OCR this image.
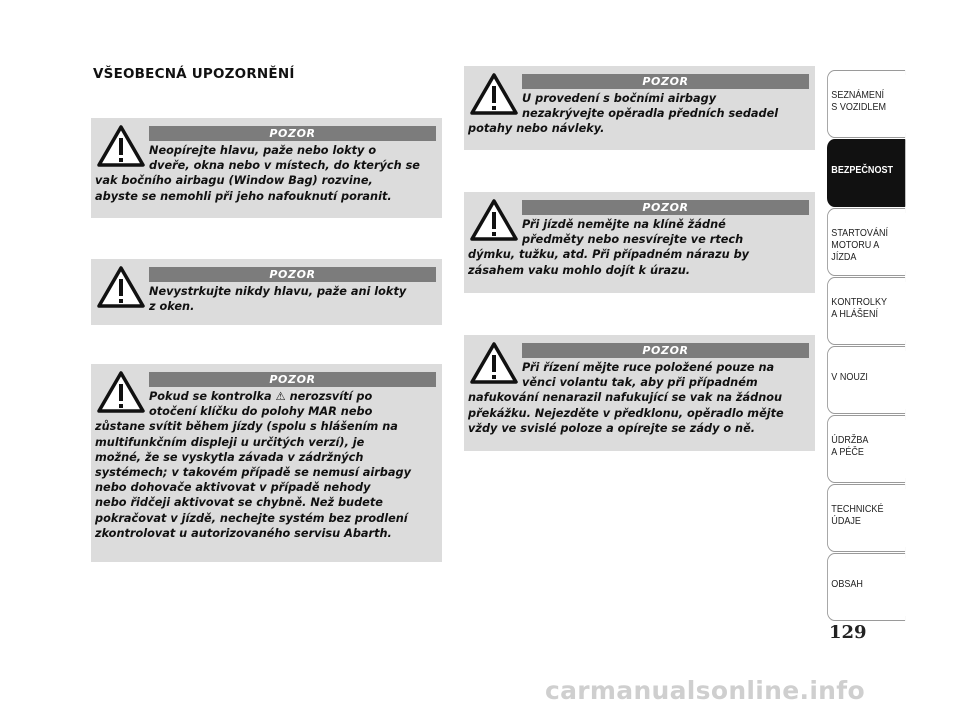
VŠEOBECNÁ UPOZORNĚNÍ
POZOR
Neopírejte hlavu, paže nebo lokty o
dveře, okna nebo v místech, do kterých se
vak bočního airbagu (Window Bag) rozvine,
abyste se nemohli při jeho nafouknutí poranit.
POZOR
Nevystrkujte nikdy hlavu, paže ani lokty
z oken.
POZOR
Pokud se kontrolka ⚠ nerozsvítí po
otočení klíčku do polohy MAR nebo
zůstane svítit během jízdy (spolu s hlášením na
multifunkčním displeji u určitých verzí), je
možné, že se vyskytla závada v zádržných
systémech; v takovém případě se nemusí airbagy
nebo dohovače aktivovat v případě nehody
nebo řidčeji aktivovat se chybně. Než budete
pokračovat v jízdě, nechejte systém bez prodlení
zkontrolovat u autorizovaného servisu Abarth.
POZOR
U provedení s bočními airbagy
nezakrývejte opěradla předních sedadel
potahy nebo návleky.
POZOR
Při jízdě nemějte na klíně žádné
předměty nebo nesvírejte ve rtech
dýmku, tužku, atd. Při případném nárazu by
zásahem vaku mohlo dojít k úrazu.
POZOR
Při řízení mějte ruce položené pouze na
věnci volantu tak, aby při případném
nafukování nenarazil nafukující se vak na žádnou
překážku. Nejezděte v předklonu, opěradlo mějte
vždy ve svislé poloze a opírejte se zády o ně.
SEZNÁMENÍ
S VOZIDLEM
BEZPEČNOST
STARTOVÁNÍ
MOTORU A JÍZDA
KONTROLKY
A HLÁŠENÍ
V NOUZI
ÚDRŽBA
A PÉČE
TECHNICKÉ
ÚDAJE
OBSAH
129
carmanualsonline.info
